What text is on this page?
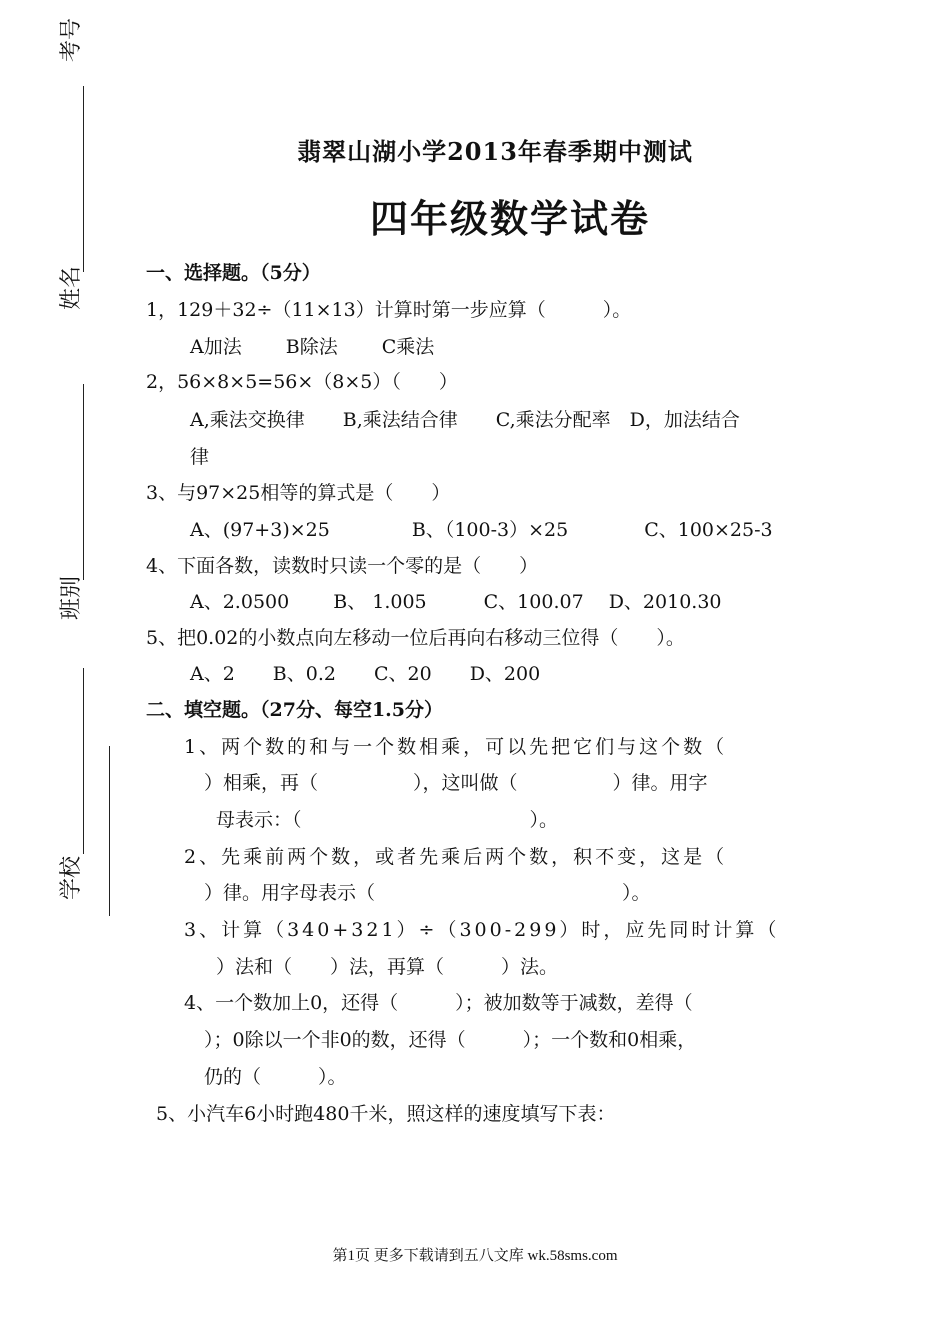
考号
姓名
班别
学校
翡翠山湖小学2013年春季期中测试
四年级数学试卷
一、选择题。（5分）
1，129＋32÷（11×13）计算时第一步应算（　　　）。
A加法　　 B除法　　 C乘法
2，56×8×5=56×（8×5）（　　）
A,乘法交换律　　B,乘法结合律　　C,乘法分配率　D，加法结合
律
3、与97×25相等的算式是（　　）
A、(97+3)×25　　　　 B、（100-3）×25　　　　C、100×25-3
4、下面各数，读数时只读一个零的是（　　）
A、2.0500　　 B、 1.005　　　C、100.07　 D、2010.30
5、把0.02的小数点向左移动一位后再向右移动三位得（　　）。
A、2　　B、0.2　　C、20　　D、200
二、填空题。（27分、每空1.5分）
1、两个数的和与一个数相乘，可以先把它们与这个数（
）相乘，再（　　　　　），这叫做（　　　　　）律。用字
母表示：（　　　　　　　　　　　　）。
2、先乘前两个数，或者先乘后两个数，积不变，这是（
）律。用字母表示（　　　　　　　　　　　　　）。
3、计算（340+321）÷（300-299）时，应先同时计算（
）法和（　　）法，再算（　　　）法。
4、一个数加上0，还得（　　　）；被加数等于减数，差得（
）；0除以一个非0的数，还得（　　　）；一个数和0相乘，
仍的（　　　）。
5、小汽车6小时跑480千米，照这样的速度填写下表：
第1页 更多下载请到五八文库 wk.58sms.com
